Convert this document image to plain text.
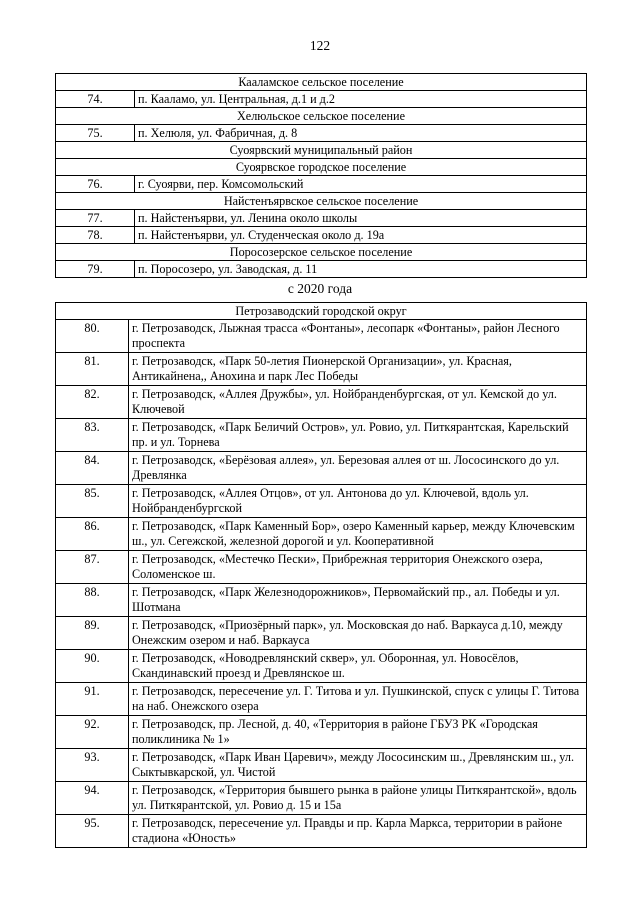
122
Кааламское сельское поселение	
74.	п. Кааламо, ул. Центральная, д.1 и д.2
Хелюльское сельское поселение	
75.	п. Хелюля, ул. Фабричная, д. 8
Суоярвский муниципальный район	
Суоярвское городское поселение	
76.	г. Суоярви, пер. Комсомольский
Найстенъярвское сельское поселение	
77.	п. Найстенъярви, ул. Ленина около школы
78.	п. Найстенъярви, ул. Студенческая около д. 19а
Поросозерское сельское поселение	
79.	п. Поросозеро, ул. Заводская, д. 11
с 2020 года
Петрозаводский городской округ	
80.	г. Петрозаводск, Лыжная трасса «Фонтаны», лесопарк «Фонтаны», район Лесного проспекта
81.	г. Петрозаводск, «Парк 50-летия Пионерской Организации», ул. Красная, Антикайнена,, Анохина и парк Лес Победы
82.	г. Петрозаводск, «Аллея Дружбы», ул. Нойбранденбургская, от ул. Кемской до ул. Ключевой
83.	г. Петрозаводск, «Парк Беличий Остров», ул. Ровио, ул. Питкярантская, Карельский пр. и ул. Торнева
84.	г. Петрозаводск, «Берёзовая аллея», ул. Березовая аллея от ш. Лососинского до ул. Древлянка
85.	г. Петрозаводск, «Аллея Отцов», от ул. Антонова до ул. Ключевой, вдоль ул. Нойбранденбургской
86.	г. Петрозаводск, «Парк Каменный Бор», озеро Каменный карьер, между Ключевским ш., ул. Сегежской, железной дорогой и ул. Кооперативной
87.	г. Петрозаводск, «Местечко Пески», Прибрежная территория Онежского озера, Соломенское ш.
88.	г. Петрозаводск, «Парк Железнодорожников», Первомайский пр., ал. Победы и ул. Шотмана
89.	г. Петрозаводск, «Приозёрный парк», ул. Московская до наб. Варкауса д.10, между Онежским озером и наб. Варкауса
90.	г. Петрозаводск, «Новодревлянский сквер», ул. Оборонная, ул. Новосёлов, Скандинавский проезд и Древлянское ш.
91.	г. Петрозаводск, пересечение ул. Г. Титова и ул. Пушкинской, спуск с улицы Г. Титова на наб. Онежского озера
92.	г. Петрозаводск, пр. Лесной, д. 40, «Территория в районе ГБУЗ РК «Городская поликлиника № 1»
93.	г. Петрозаводск, «Парк Иван Царевич», между Лососинским ш., Древлянским ш., ул. Сыктывкарской, ул. Чистой
94.	г. Петрозаводск, «Территория бывшего рынка в районе улицы Питкярантской», вдоль ул. Питкярантской, ул. Ровио д. 15 и 15а
95.	г. Петрозаводск, пересечение ул. Правды и пр. Карла Маркса, территории в районе стадиона «Юность»
